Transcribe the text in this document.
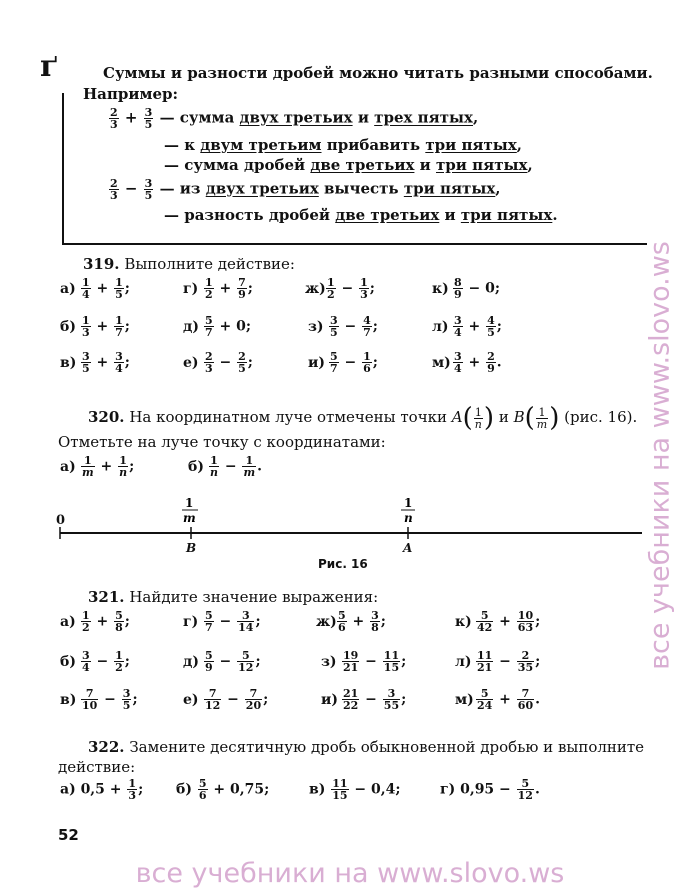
ґ	Суммы и разности дробей можно читать разными способами.
Например:
$\frac{2}{3} + \frac{3}{5}$ — сумма двух третьих и трех пятых,
— к двум третьим прибавить три пятых,
— сумма дробей две третьих и три пятых,
$\frac{2}{3} - \frac{3}{5}$ — из двух третьих вычесть три пятых,
— разность дробей две третьих и три пятых.
319. Выполните действие:
$а) \frac{1}{4} + \frac{1}{5}$ ;	$г) \frac{1}{2} + \frac{7}{9}$ ;	$ж) \frac{1}{2} - \frac{1}{3}$ ;	$к) \frac{8}{9} - 0$;
$б) \frac{1}{3} + \frac{1}{7}$ ;	$д) \frac{5}{7} + 0$;	$з) \frac{3}{5} - \frac{4}{7}$ ;	$л) \frac{3}{4} + \frac{4}{5}$ ;
$в) \frac{3}{5} + \frac{3}{4}$ ;	$е) \frac{2}{3} - \frac{2}{5}$ ;	$и) \frac{5}{7} - \frac{1}{6}$ ;	$м) \frac{3}{4} + \frac{2}{9}$ .
320. На координатном луче отмечены точки $A( \frac{1}{n}$ ) и $B( \frac{1}{m}$ ) (рис. 16).
Отметьте на луче точку с координатами:
$а) \frac{1}{m} + \frac{1}{n}$ ;	$б) \frac{1}{n} - \frac{1}{m}$ .
1
m
1
n
0
B	A
Рис. 16
321. Найдите значение выражения:
$а) \frac{1}{2} + \frac{5}{8}$ ;	$г) \frac{5}{7} - \frac{3}{14}$ ;	$ж) \frac{5}{6} + \frac{3}{8}$ ;	$к) \frac{5}{42} + \frac{10}{63}$ ;
$б) \frac{3}{4} - \frac{1}{2}$ ;	$д) \frac{5}{9} - \frac{5}{12}$ ;	$з) \frac{19}{21} - \frac{11}{15}$ ;	$л) \frac{11}{21} - \frac{2}{35}$ ;
$в) \frac{7}{10} - \frac{3}{5}$ ;	$е) \frac{7}{12} - \frac{7}{20}$ ;	$и) \frac{21}{22} - \frac{3}{55}$ ;	$м) \frac{5}{24} + \frac{7}{60}$ .
322. Замените десятичную дробь обыкновенной дробью и выполните
действие:
а) $0,5 + \frac{1}{3}$ ; $б) \frac{5}{6} + 0,75$;	$в) \frac{11}{15} - 0,4$;	г) $0,95 - \frac{5}{12}$ .
52
все учебники на www.slovo.ws
все учебники на www.slovo.ws
